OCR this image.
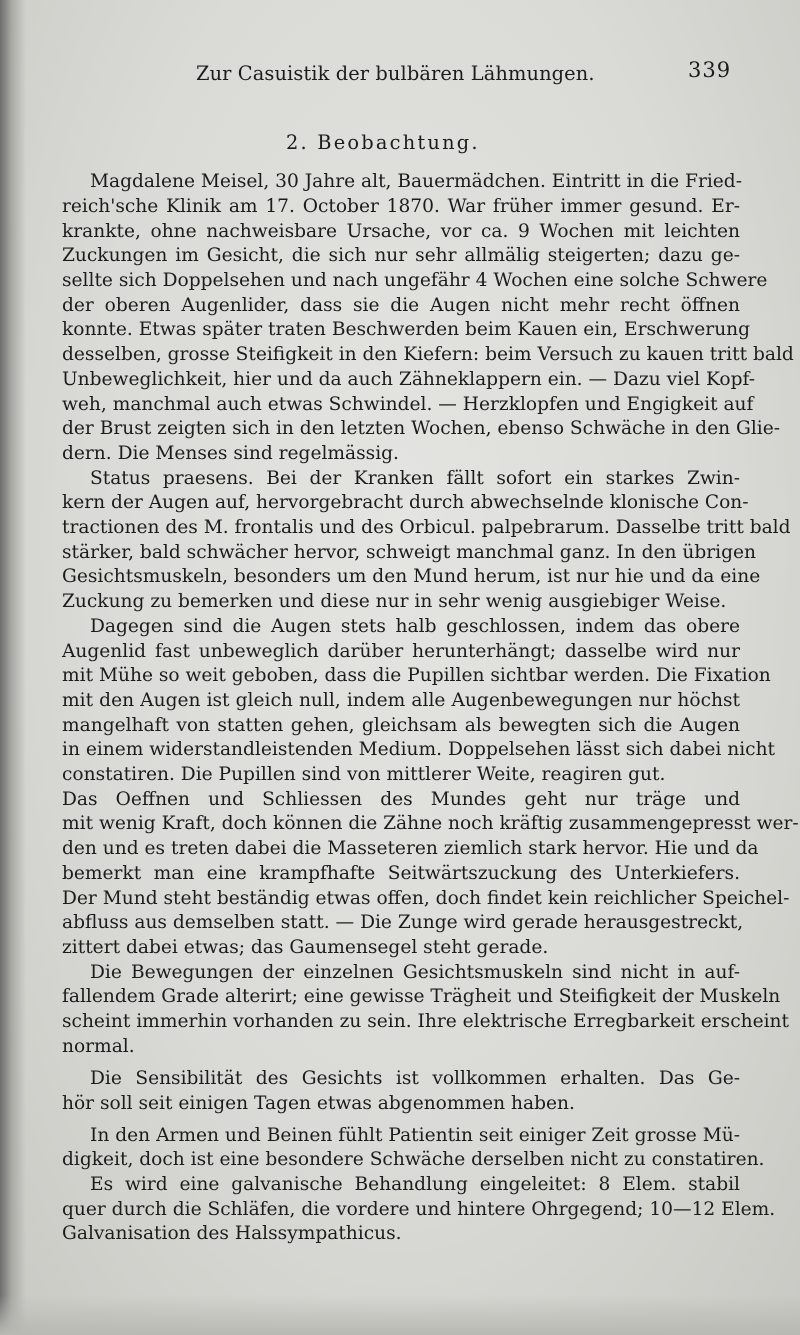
Zur Casuistik der bulbären Lähmungen.	339
2. Beobachtung.
Magdalene Meisel, 30 Jahre alt, Bauermädchen. Eintritt in die Fried-
reich'sche Klinik am 17. October 1870. War früher immer gesund. Er-
krankte, ohne nachweisbare Ursache, vor ca. 9 Wochen mit leichten
Zuckungen im Gesicht, die sich nur sehr allmälig steigerten; dazu ge-
sellte sich Doppelsehen und nach ungefähr 4 Wochen eine solche Schwere
der oberen Augenlider, dass sie die Augen nicht mehr recht öffnen
konnte. Etwas später traten Beschwerden beim Kauen ein, Erschwerung
desselben, grosse Steifigkeit in den Kiefern: beim Versuch zu kauen tritt bald
Unbeweglichkeit, hier und da auch Zähneklappern ein. — Dazu viel Kopf-
weh, manchmal auch etwas Schwindel. — Herzklopfen und Engigkeit auf
der Brust zeigten sich in den letzten Wochen, ebenso Schwäche in den Glie-
dern. Die Menses sind regelmässig.
Status praesens. Bei der Kranken fällt sofort ein starkes Zwin-
kern der Augen auf, hervorgebracht durch abwechselnde klonische Con-
tractionen des M. frontalis und des Orbicul. palpebrarum. Dasselbe tritt bald
stärker, bald schwächer hervor, schweigt manchmal ganz. In den übrigen
Gesichtsmuskeln, besonders um den Mund herum, ist nur hie und da eine
Zuckung zu bemerken und diese nur in sehr wenig ausgiebiger Weise.
Dagegen sind die Augen stets halb geschlossen, indem das obere
Augenlid fast unbeweglich darüber herunterhängt; dasselbe wird nur
mit Mühe so weit geboben, dass die Pupillen sichtbar werden. Die Fixation
mit den Augen ist gleich null, indem alle Augenbewegungen nur höchst
mangelhaft von statten gehen, gleichsam als bewegten sich die Augen
in einem widerstandleistenden Medium. Doppelsehen lässt sich dabei nicht
constatiren. Die Pupillen sind von mittlerer Weite, reagiren gut.
Das Oeffnen und Schliessen des Mundes geht nur träge und
mit wenig Kraft, doch können die Zähne noch kräftig zusammengepresst wer-
den und es treten dabei die Masseteren ziemlich stark hervor. Hie und da
bemerkt man eine krampfhafte Seitwärtszuckung des Unterkiefers.
Der Mund steht beständig etwas offen, doch findet kein reichlicher Speichel-
abfluss aus demselben statt. — Die Zunge wird gerade herausgestreckt,
zittert dabei etwas; das Gaumensegel steht gerade.
Die Bewegungen der einzelnen Gesichtsmuskeln sind nicht in auf-
fallendem Grade alterirt; eine gewisse Trägheit und Steifigkeit der Muskeln
scheint immerhin vorhanden zu sein. Ihre elektrische Erregbarkeit erscheint
normal.
Die Sensibilität des Gesichts ist vollkommen erhalten. Das Ge-
hör soll seit einigen Tagen etwas abgenommen haben.
In den Armen und Beinen fühlt Patientin seit einiger Zeit grosse Mü-
digkeit, doch ist eine besondere Schwäche derselben nicht zu constatiren.
Es wird eine galvanische Behandlung eingeleitet: 8 Elem. stabil
quer durch die Schläfen, die vordere und hintere Ohrgegend; 10—12 Elem.
Galvanisation des Halssympathicus.
